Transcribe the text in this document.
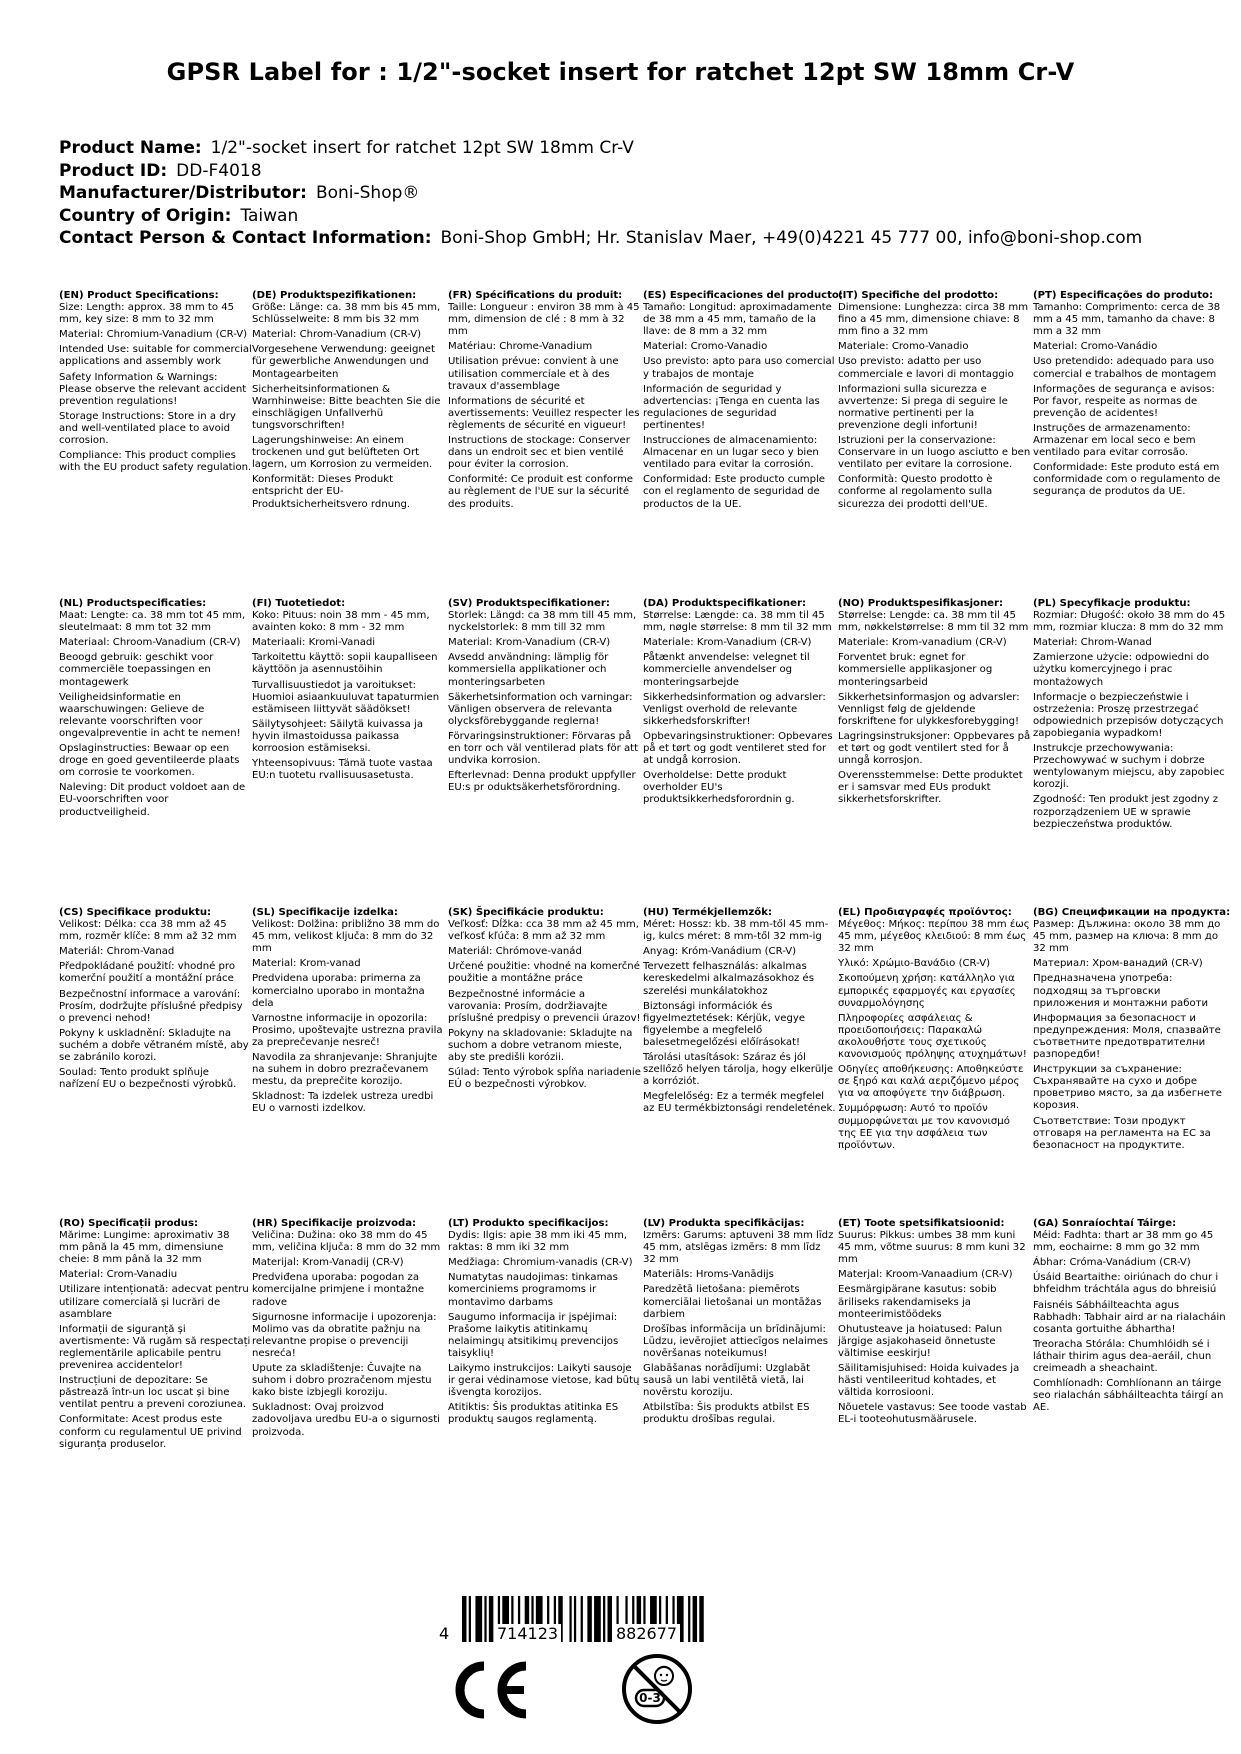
GPSR Label for : 1/2"-socket insert for ratchet 12pt SW 18mm Cr-V
Product Name: 1/2"-socket insert for ratchet 12pt SW 18mm Cr-V
Product ID: DD-F4018
Manufacturer/Distributor: Boni-Shop®
Country of Origin: Taiwan
Contact Person & Contact Information: Boni-Shop GmbH; Hr. Stanislav Maer, +49(0)4221 45 777 00, info@boni-shop.com
(EN) Product Specifications:
Size: Length: approx. 38 mm to 45 mm, key size: 8 mm to 32 mm
Material: Chromium-Vanadium (CR-V)
Intended Use: suitable for commercial applications and assembly work
Safety Information & Warnings: Please observe the relevant accident prevention regulations!
Storage Instructions: Store in a dry and well-ventilated place to avoid corrosion.
Compliance: This product complies with the EU product safety regulation.
(DE) Produktspezifikationen:
Größe: Länge: ca. 38 mm bis 45 mm, Schlüsselweite: 8 mm bis 32 mm
Material: Chrom-Vanadium (CR-V)
Vorgesehene Verwendung: geeignet für gewerbliche Anwendungen und Montagearbeiten
Sicherheitsinformationen & Warnhinweise: Bitte beachten Sie die einschlägigen Unfallverhü tungsvorschriften!
Lagerungshinweise: An einem trockenen und gut belüfteten Ort lagern, um Korrosion zu vermeiden.
Konformität: Dieses Produkt entspricht der EU-Produktsicherheitsvero rdnung.
(FR) Spécifications du produit:
Taille: Longueur : environ 38 mm à 45 mm, dimension de clé : 8 mm à 32 mm
Matériau: Chrome-Vanadium
Utilisation prévue: convient à une utilisation commerciale et à des travaux d'assemblage
Informations de sécurité et avertissements: Veuillez respecter les règlements de sécurité en vigueur!
Instructions de stockage: Conserver dans un endroit sec et bien ventilé pour éviter la corrosion.
Conformité: Ce produit est conforme au règlement de l'UE sur la sécurité des produits.
(ES) Especificaciones del producto:
Tamaño: Longitud: aproximadamente de 38 mm a 45 mm, tamaño de la llave: de 8 mm a 32 mm
Material: Cromo-Vanadio
Uso previsto: apto para uso comercial y trabajos de montaje
Información de seguridad y advertencias: ¡Tenga en cuenta las regulaciones de seguridad pertinentes!
Instrucciones de almacenamiento: Almacenar en un lugar seco y bien ventilado para evitar la corrosión.
Conformidad: Este producto cumple con el reglamento de seguridad de productos de la UE.
(IT) Specifiche del prodotto:
Dimensione: Lunghezza: circa 38 mm fino a 45 mm, dimensione chiave: 8 mm fino a 32 mm
Materiale: Cromo-Vanadio
Uso previsto: adatto per uso commerciale e lavori di montaggio
Informazioni sulla sicurezza e avvertenze: Si prega di seguire le normative pertinenti per la prevenzione degli infortuni!
Istruzioni per la conservazione: Conservare in un luogo asciutto e ben ventilato per evitare la corrosione.
Conformità: Questo prodotto è conforme al regolamento sulla sicurezza dei prodotti dell'UE.
(PT) Especificações do produto:
Tamanho: Comprimento: cerca de 38 mm a 45 mm, tamanho da chave: 8 mm a 32 mm
Material: Cromo-Vanádio
Uso pretendido: adequado para uso comercial e trabalhos de montagem
Informações de segurança e avisos: Por favor, respeite as normas de prevenção de acidentes!
Instruções de armazenamento: Armazenar em local seco e bem ventilado para evitar corrosão.
Conformidade: Este produto está em conformidade com o regulamento de segurança de produtos da UE.
(NL) Productspecificaties:
Maat: Lengte: ca. 38 mm tot 45 mm, sleutelmaat: 8 mm tot 32 mm
Materiaal: Chroom-Vanadium (CR-V)
Beoogd gebruik: geschikt voor commerciële toepassingen en montagewerk
Veiligheidsinformatie en waarschuwingen: Gelieve de relevante voorschriften voor ongevalpreventie in acht te nemen!
Opslaginstructies: Bewaar op een droge en goed geventileerde plaats om corrosie te voorkomen.
Naleving: Dit product voldoet aan de EU-voorschriften voor productveiligheid.
(FI) Tuotetiedot:
Koko: Pituus: noin 38 mm - 45 mm, avainten koko: 8 mm - 32 mm
Materiaali: Kromi-Vanadi
Tarkoitettu käyttö: sopii kaupalliseen käyttöön ja asennustöihin
Turvallisuustiedot ja varoitukset: Huomioi asiaankuuluvat tapaturmien estämiseen liittyvät säädökset!
Säilytysohjeet: Säilytä kuivassa ja hyvin ilmastoidussa paikassa korroosion estämiseksi.
Yhteensopivuus: Tämä tuote vastaa EU:n tuotetu rvallisuusasetusta.
(SV) Produktspecifikationer:
Storlek: Längd: ca 38 mm till 45 mm, nyckelstorlek: 8 mm till 32 mm
Material: Krom-Vanadium (CR-V)
Avsedd användning: lämplig för kommersiella applikationer och monteringsarbeten
Säkerhetsinformation och varningar: Vänligen observera de relevanta olycksförebyggande reglerna!
Förvaringsinstruktioner: Förvaras på en torr och väl ventilerad plats för att undvika korrosion.
Efterlevnad: Denna produkt uppfyller EU:s pr oduktsäkerhetsförordning.
(DA) Produktspecifikationer:
Størrelse: Længde: ca. 38 mm til 45 mm, nøgle størrelse: 8 mm til 32 mm
Materiale: Krom-Vanadium (CR-V)
Påtænkt anvendelse: velegnet til kommercielle anvendelser og monteringsarbejde
Sikkerhedsinformation og advarsler: Venligst overhold de relevante sikkerhedsforskrifter!
Opbevaringsinstruktioner: Opbevares på et tørt og godt ventileret sted for at undgå korrosion.
Overholdelse: Dette produkt overholder EU's produktsikkerhedsforordnin g.
(NO) Produktspesifikasjoner:
Størrelse: Lengde: ca. 38 mm til 45 mm, nøkkelstørrelse: 8 mm til 32 mm
Materiale: Krom-vanadium (CR-V)
Forventet bruk: egnet for kommersielle applikasjoner og monteringsarbeid
Sikkerhetsinformasjon og advarsler: Vennligst følg de gjeldende forskriftene for ulykkesforebygging!
Lagringsinstruksjoner: Oppbevares på et tørt og godt ventilert sted for å unngå korrosjon.
Overensstemmelse: Dette produktet er i samsvar med EUs produkt sikkerhetsforskrifter.
(PL) Specyfikacje produktu:
Rozmiar: Długość: około 38 mm do 45 mm, rozmiar klucza: 8 mm do 32 mm
Materiał: Chrom-Wanad
Zamierzone użycie: odpowiedni do użytku komercyjnego i prac montażowych
Informacje o bezpieczeństwie i ostrzeżenia: Proszę przestrzegać odpowiednich przepisów dotyczących zapobiegania wypadkom!
Instrukcje przechowywania: Przechowywać w suchym i dobrze wentylowanym miejscu, aby zapobiec korozji.
Zgodność: Ten produkt jest zgodny z rozporządzeniem UE w sprawie bezpieczeństwa produktów.
(CS) Specifikace produktu:
Velikost: Délka: cca 38 mm až 45 mm, rozměr klíče: 8 mm až 32 mm
Materiál: Chrom-Vanad
Předpokládané použití: vhodné pro komerční použití a montážní práce
Bezpečnostní informace a varování: Prosím, dodržujte příslušné předpisy o prevenci nehod!
Pokyny k uskladnění: Skladujte na suchém a dobře větraném místě, aby se zabránilo korozi.
Soulad: Tento produkt splňuje nařízení EU o bezpečnosti výrobků.
(SL) Specifikacije izdelka:
Velikost: Dolžina: približno 38 mm do 45 mm, velikost ključa: 8 mm do 32 mm
Material: Krom-vanad
Predvidena uporaba: primerna za komercialno uporabo in montažna dela
Varnostne informacije in opozorila: Prosimo, upoštevajte ustrezna pravila za preprečevanje nesreč!
Navodila za shranjevanje: Shranjujte na suhem in dobro prezračevanem mestu, da preprečite korozijo.
Skladnost: Ta izdelek ustreza uredbi EU o varnosti izdelkov.
(SK) Špecifikácie produktu:
Veľkosť: Dĺžka: cca 38 mm až 45 mm, veľkosť kľúča: 8 mm až 32 mm
Materiál: Chrómove-vanád
Určené použitie: vhodné na komerčné použitie a montážne práce
Bezpečnostné informácie a varovania: Prosím, dodržiavajte príslušné predpisy o prevencii úrazov!
Pokyny na skladovanie: Skladujte na suchom a dobre vetranom mieste, aby ste predišli korózii.
Súlad: Tento výrobok spĺňa nariadenie EÚ o bezpečnosti výrobkov.
(HU) Termékjellemzők:
Méret: Hossz: kb. 38 mm-től 45 mm-ig, kulcs méret: 8 mm-től 32 mm-ig
Anyag: Króm-Vanádium (CR-V)
Tervezett felhasználás: alkalmas kereskedelmi alkalmazásokhoz és szerelési munkálatokhoz
Biztonsági információk és figyelmeztetések: Kérjük, vegye figyelembe a megfelelő balesetmegelőzési előírásokat!
Tárolási utasítások: Száraz és jól szellőző helyen tárolja, hogy elkerülje a korróziót.
Megfelelőség: Ez a termék megfelel az EU termékbiztonsági rendeletének.
(EL) Προδιαγραφές προϊόντος:
Μέγεθος: Μήκος: περίπου 38 mm έως 45 mm, μέγεθος κλειδιού: 8 mm έως 32 mm
Υλικό: Χρώμιο-Βανάδιο (CR-V)
Σκοπούμενη χρήση: κατάλληλο για εμπορικές εφαρμογές και εργασίες συναρμολόγησης
Πληροφορίες ασφάλειας & προειδοποιήσεις: Παρακαλώ ακολουθήστε τους σχετικούς κανονισμούς πρόληψης ατυχημάτων!
Οδηγίες αποθήκευσης: Αποθηκεύστε σε ξηρό και καλά αεριζόμενο μέρος για να αποφύγετε την διάβρωση.
Συμμόρφωση: Αυτό το προϊόν συμμορφώνεται με τον κανονισμό της ΕΕ για την ασφάλεια των προϊόντων.
(BG) Спецификации на продукта:
Размер: Дължина: около 38 mm до 45 mm, размер на ключа: 8 mm до 32 mm
Материал: Хром-ванадий (CR-V)
Предназначена употреба: подходящ за търговски приложения и монтажни работи
Информация за безопасност и предупреждения: Моля, спазвайте съответните предотвратителни разпоредби!
Инструкции за съхранение: Съхранявайте на сухо и добре проветриво място, за да избегнете корозия.
Съответствие: Този продукт отговаря на регламента на ЕС за безопасност на продуктите.
(RO) Specificații produs:
Mărime: Lungime: aproximativ 38 mm până la 45 mm, dimensiune cheie: 8 mm până la 32 mm
Material: Crom-Vanadiu
Utilizare intenționată: adecvat pentru utilizare comercială și lucrări de asamblare
Informații de siguranță și avertismente: Vă rugăm să respectați reglementările aplicabile pentru prevenirea accidentelor!
Instrucțiuni de depozitare: Se păstrează într-un loc uscat și bine ventilat pentru a preveni coroziunea.
Conformitate: Acest produs este conform cu regulamentul UE privind siguranța produselor.
(HR) Specifikacije proizvoda:
Veličina: Dužina: oko 38 mm do 45 mm, veličina ključa: 8 mm do 32 mm
Materijal: Krom-Vanadij (CR-V)
Predviđena uporaba: pogodan za komercijalne primjene i montažne radove
Sigurnosne informacije i upozorenja: Molimo vas da obratite pažnju na relevantne propise o prevenciji nesreća!
Upute za skladištenje: Čuvajte na suhom i dobro prozračenom mjestu kako biste izbjegli koroziju.
Sukladnost: Ovaj proizvod zadovoljava uredbu EU-a o sigurnosti proizvoda.
(LT) Produkto specifikacijos:
Dydis: Ilgis: apie 38 mm iki 45 mm, raktas: 8 mm iki 32 mm
Medžiaga: Chromium-vanadis (CR-V)
Numatytas naudojimas: tinkamas komerciniems programoms ir montavimo darbams
Saugumo informacija ir įspėjimai: Prašome laikytis atitinkamų nelaimingų atsitikimų prevencijos taisyklių!
Laikymo instrukcijos: Laikyti sausoje ir gerai vėdinamose vietose, kad būtų išvengta korozijos.
Atitiktis: Šis produktas atitinka ES produktų saugos reglamentą.
(LV) Produkta specifikācijas:
Izmērs: Garums: aptuveni 38 mm līdz 45 mm, atslēgas izmērs: 8 mm līdz 32 mm
Materiāls: Hroms-Vanādijs
Paredzētā lietošana: piemērots komerciālai lietošanai un montāžas darbiem
Drošības informācija un brīdinājumi: Lūdzu, ievērojiet attiecīgos nelaimes novēršanas noteikumus!
Glabāšanas norādījumi: Uzglabāt sausā un labi ventilētā vietā, lai novērstu koroziju.
Atbilstība: Šis produkts atbilst ES produktu drošības regulai.
(ET) Toote spetsifikatsioonid:
Suurus: Pikkus: umbes 38 mm kuni 45 mm, võtme suurus: 8 mm kuni 32 mm
Materjal: Kroom-Vanaadium (CR-V)
Eesmärgipärane kasutus: sobib äriliseks rakendamiseks ja monteerimistöödeks
Ohutusteave ja hoiatused: Palun järgige asjakohaseid õnnetuste vältimise eeskirju!
Säilitamisjuhised: Hoida kuivades ja hästi ventileeritud kohtades, et vältida korrosiooni.
Nõuetele vastavus: See toode vastab EL-i tooteohutusmäärusele.
(GA) Sonraíochtaí Táirge:
Méid: Fadhta: thart ar 38 mm go 45 mm, eochairne: 8 mm go 32 mm
Ábhar: Cróma-Vanádium (CR-V)
Úsáid Beartaithe: oiriúnach do chur i bhfeidhm tráchtála agus do bhreisiú
Faisnéis Sábháilteachta agus Rabhadh: Tabhair aird ar na rialacháin cosanta gortuithe ábhartha!
Treoracha Stórála: Chumhlóidh sé i láthair thirim agus dea-aeráil, chun creimeadh a sheachaint.
Comhlíonadh: Comhlíonann an táirge seo rialachán sábháilteachta táirgí an AE.
4	714123	882677
0-3
